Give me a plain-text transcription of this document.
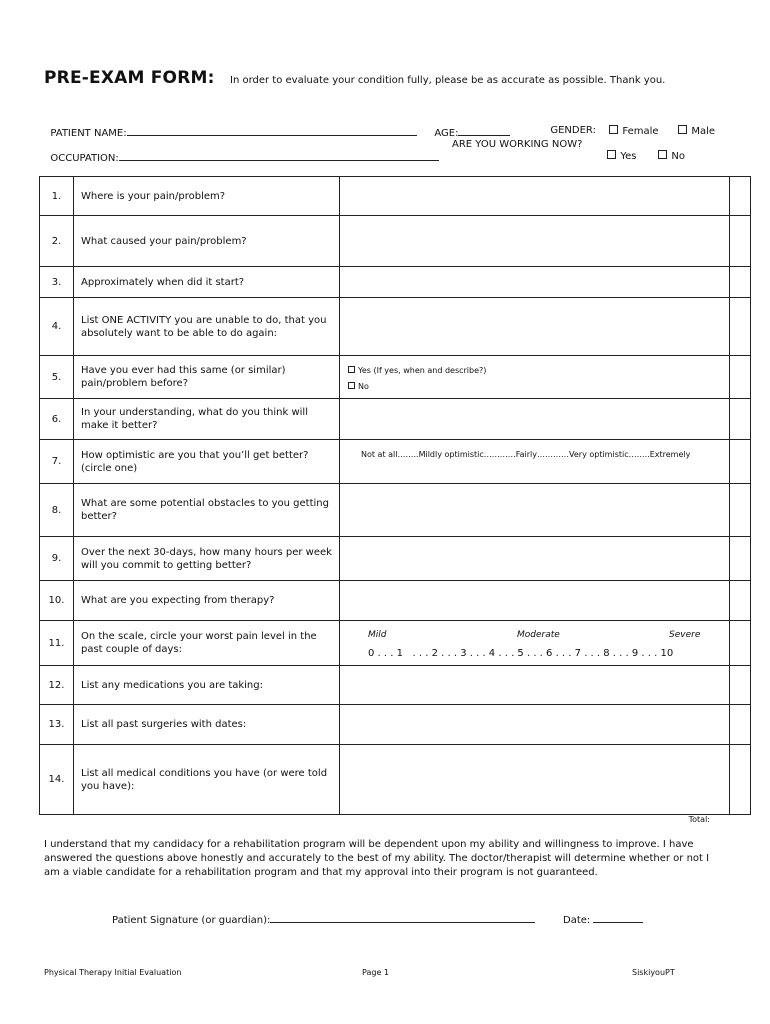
PRE-EXAM FORM: In order to evaluate your condition fully, please be as accurate as possible. Thank you.

PATIENT NAME:	AGE:	GENDER:	Female	Male

OCCUPATION:

ARE YOU WORKING NOW?

Yes	No

1.	Where is your pain/problem?		
2.	What caused your pain/problem?		
3.	Approximately when did it start?		
4.	List ONE ACTIVITY you are unable to do, that you absolutely want to be able to do again:		
5.	Have you ever had this same (or similar) pain/problem before?	Yes (If yes, when and describe?)
No	

6.	In your understanding, what do you think will make it better?		
7.	How optimistic are you that you’ll get better? (circle one)	Not at all……..Mildly optimistic…………Fairly…………Very optimistic……..Extremely	

8.	What are some potential obstacles to you getting better?		
9.	Over the next 30-days, how many hours per week will you commit to getting better?		
10.	What are you expecting from therapy?		
11.	On the scale, circle your worst pain level in the past couple of days:	Mild Moderate Severe
0 . . . 1   . . . 2 . . . 3 . . . 4 . . . 5 . . . 6 . . . 7 . . . 8 . . . 9 . . . 10	

12.	List any medications you are taking:		
13.	List all past surgeries with dates:		
14.	List all medical conditions you have (or were told you have):		
Total:
I understand that my candidacy for a rehabilitation program will be dependent upon my ability and willingness to improve. I have answered the questions above honestly and accurately to the best of my ability. The doctor/therapist will determine whether or not I am a viable candidate for a rehabilitation program and that my approval into their program is not guaranteed.
Patient Signature (or guardian):	Date:
Physical Therapy Initial Evaluation	Page 1	SiskiyouPT
